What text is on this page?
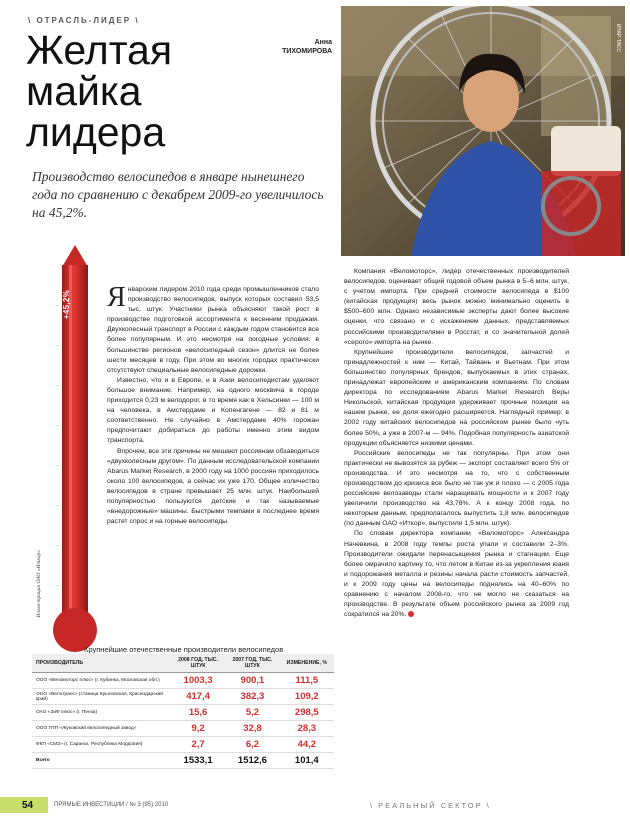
\ ОТРАСЛЬ-ЛИДЕР \
Желтая майка лидера
Анна ТИХОМИРОВА	ИТАР-ТАСС

Производство велосипедов в январе нынешнего года по сравнению с декабрем 2009-го увеличилось на 45,2%.

+45,2%
Иллюстрация ОАО «Иткор»

Январским лидером 2010 года среди промышленников стало производство велосипедов, выпуск которых составил 53,5 тыс. штук. Участники рынка объясняют такой рост в производстве подготовкой ассортимента к весенним продажам. Двухколесный транспорт в России с каждым годом становится все более популярным. И это несмотря на погодные условия: в большинстве регионов «велосипедный сезон» длится не более шести месяцев в году. При этом во многих городах практически отсутствуют специальные велосипедные дорожки.

Известно, что и в Европе, и в Азии велосипедистам уделяют большое внимание. Например, на одного москвича в городе приходится 0,23 м велодорог, в то время как в Хельсинки — 100 м на человека, в Амстердаме и Копенгагене — 82 и 81 м соответственно. Не случайно в Амстердаме 40% горожан предпочитают добираться до работы именно этим видом транспорта.

Впрочем, все эти причины не мешают россиянам обзаводиться «двухколесным другом». По данным исследовательской компании Abarus Market Research, в 2000 году на 1000 россиян приходилось около 100 велосипедов, а сейчас их уже 170. Общее количество велосипедов в стране превышает 25 млн. штук. Наибольшей популярностью пользуются детские и так называемые «внедорожные» машины. Быстрыми темпами в последнее время растет спрос и на горные велосипеды.

Компания «Веломоторс», лидер отечественных производителей велосипедов, оценивает общий годовой объем рынка в 5–6 млн. штук, с учетом импорта. При средней стоимости велосипеда в $100 (китайская продукция) весь рынок можно минимально оценить в $500–600 млн. Однако независимые эксперты дают более высокие оценки, что связано и с искажением данных, представляемых российскими производителями в Росстат, и со значительной долей «серого» импорта на рынке.

Крупнейшие производители велосипедов, запчастей и принадлежностей к ним — Китай, Тайвань и Вьетнам. При этом большинство популярных брендов, выпускаемых в этих странах, принадлежат европейским и американским компаниям. По словам директора по исследованиям Abarus Market Research Веры Никольской, китайская продукция удерживает прочные позиции на нашем рынке, ее доля ежегодно расширяется. Наглядный пример: в 2002 году китайских велосипедов на российском рынке было чуть более 50%, а уже в 2007-м — 94%. Подобная популярность азиатской продукции объясняется низкими ценами.

Российские велосипеды не так популярны. При этом они практически не вывозятся за рубеж — экспорт составляет всего 5% от производства. И это несмотря на то, что с собственным производством до кризиса все было не так уж и плохо — с 2005 года российские велозаводы стали наращивать мощности и к 2007 году увеличили производство на 43,78%. А к концу 2008 года, по некоторым данным, предполагалось выпустить 1,8 млн. велосипедов (по данным ОАО «Иткор», выпустили 1,5 млн. штук).

По словам директора компании «Веломоторс» Александра Начевкина, в 2008 году темпы роста упали и составили 2–3%. Производители ожидали перенасыщения рынка и стагнации. Еще более омрачило картину то, что летом в Китае из-за укрепления юаня и подорожания металла и резины начала расти стоимость запчастей, и к 2009 году цены на велосипеды поднялись на 40–60% по сравнению с началом 2008-го, что не могло не сказаться на производстве. В результате объем российского рынка за 2009 год сократился на 20%.

Крупнейшие отечественные производители велосипедов
ПРОИЗВОДИТЕЛЬ	2008 ГОД, ТЫС. ШТУК	2007 ГОД, ТЫС. ШТУК	ИЗМЕНЕНИЕ, %
ООО «Веломоторс плюс» (г. Кубинка, Московская обл.)	1003,3	900,1	111,5
ООО «Велотранс» (станица Крыловская, Краснодарский край)	417,4	382,3	109,2
ОАО «ЗиФ плюс» (г. Пенза)	15,6	5,2	298,5
ООО ГПП «Жуковский велосипедный завод»	9,2	32,8	28,3
ФКП «СМЗ» (г. Саранск, Республика Мордовия)	2,7	6,2	44,2
Всего	1533,1	1512,6	101,4
54	ПРЯМЫЕ ИНВЕСТИЦИИ / № 3 (95) 2010	\ РЕАЛЬНЫЙ СЕКТОР \
